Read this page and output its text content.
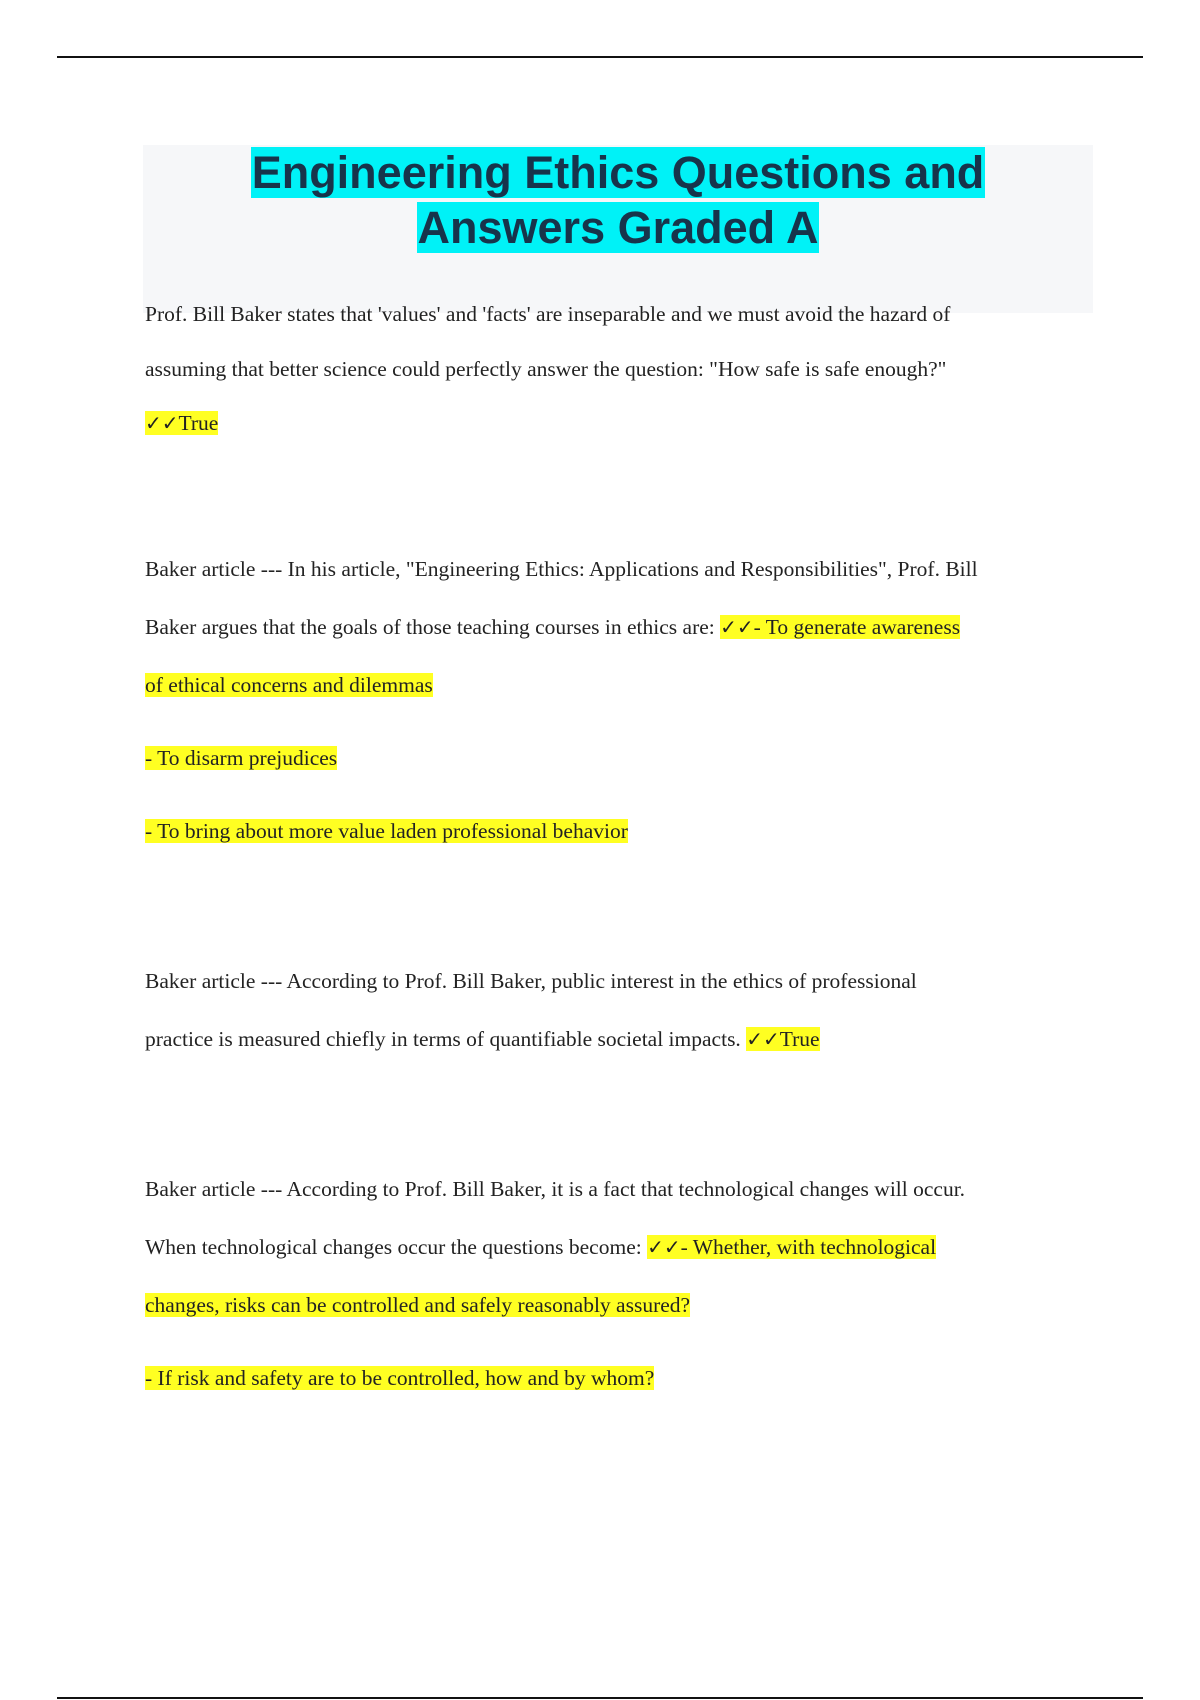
Engineering Ethics Questions and
Answers Graded A

Prof. Bill Baker states that 'values' and 'facts' are inseparable and we must avoid the hazard of

assuming that better science could perfectly answer the question: "How safe is safe enough?"

✓✓True

Baker article --- In his article, "Engineering Ethics: Applications and Responsibilities", Prof. Bill

Baker argues that the goals of those teaching courses in ethics are: ✓✓- To generate awareness

of ethical concerns and dilemmas

- To disarm prejudices

- To bring about more value laden professional behavior

Baker article --- According to Prof. Bill Baker, public interest in the ethics of professional

practice is measured chiefly in terms of quantifiable societal impacts. ✓✓True

Baker article --- According to Prof. Bill Baker, it is a fact that technological changes will occur.

When technological changes occur the questions become: ✓✓- Whether, with technological

changes, risks can be controlled and safely reasonably assured?

- If risk and safety are to be controlled, how and by whom?
